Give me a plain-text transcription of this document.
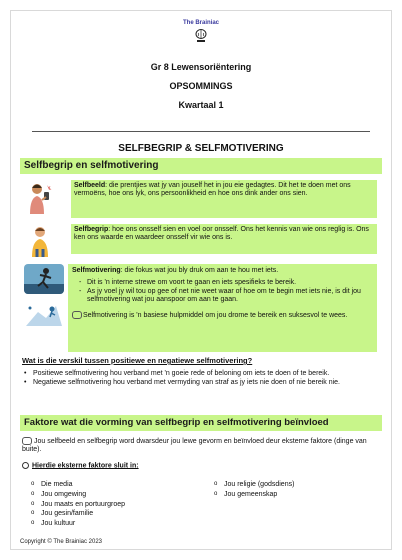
The Brainiac
Gr 8 Lewensoriëntering
OPSOMMINGS
Kwartaal 1
SELFBEGRIP & SELFMOTIVERING
Selfbegrip en selfmotivering
Selfbeeld: die prentjies wat jy van jouself het in jou eie gedagtes. Dit het te doen met ons vermoëns, hoe ons lyk, ons persoonlikheid en hoe ons dink ander ons sien.
Selfbegrip: hoe ons onsself sien en voel oor onsself. Ons het kennis van wie ons reglig is. Ons ken ons waarde en waardeer onsself vir wie ons is.
Selfmotivering: die fokus wat jou bly druk om aan te hou met iets.
- Dit is 'n interne strewe om voort te gaan en iets spesifieks te bereik.
- As jy voel jy wil tou op gee of net nie weet waar of hoe om te begin met iets nie, is dit jou selfmotivering wat jou aanspoor om aan te gaan.
Selfmotivering is 'n basiese hulpmiddel om jou drome te bereik en suksesvol te wees.
Wat is die verskil tussen positiewe en negatiewe selfmotivering?
• Positiewe selfmotivering hou verband met 'n goeie rede of beloning om iets te doen of te bereik.
• Negatiewe selfmotivering hou verband met vermyding van straf as jy iets nie doen of nie bereik nie.
Faktore wat die vorming van selfbegrip en selfmotivering beïnvloed
Jou selfbeeld en selfbegrip word dwarsdeur jou lewe gevorm en beïnvloed deur eksterne faktore (dinge van buite).
Hierdie eksterne faktore sluit in:
o Die media
o Jou omgewing
o Jou maats en portuurgroep
o Jou gesin/familie
o Jou kultuur
o Jou religie (godsdiens)
o Jou gemeenskap
Copyright © The Brainiac 2023
